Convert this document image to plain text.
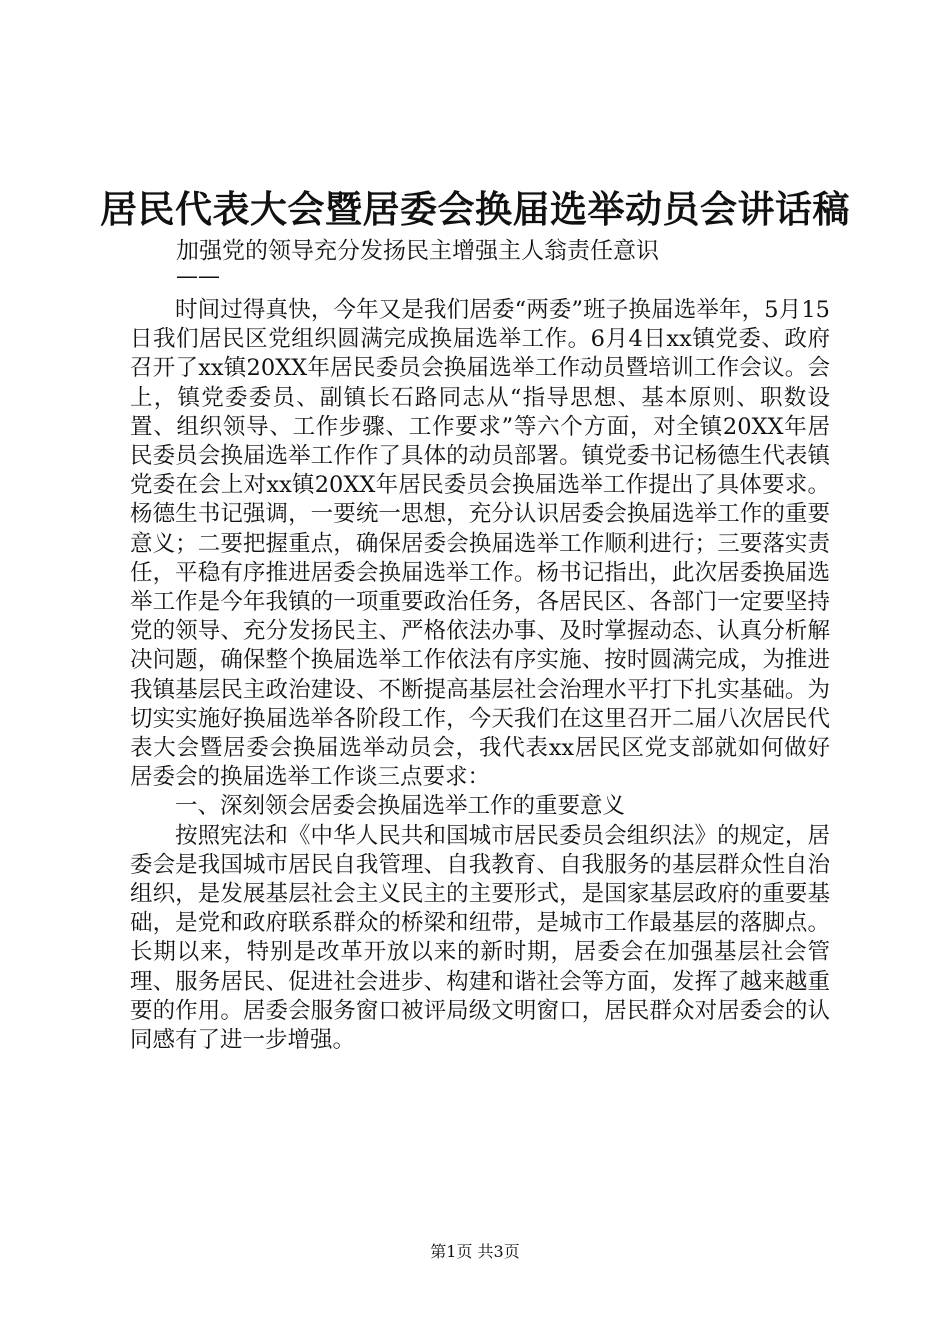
居民代表大会暨居委会换届选举动员会讲话稿

加强党的领导充分发扬民主增强主人翁责任意识

——

时间过得真快，今年又是我们居委“两委”班子换届选举年，5月15日我们居民区党组织圆满完成换届选举工作。6月4日xx镇党委、政府召开了xx镇20XX年居民委员会换届选举工作动员暨培训工作会议。会上，镇党委委员、副镇长石路同志从“指导思想、基本原则、职数设置、组织领导、工作步骤、工作要求”等六个方面，对全镇20XX年居民委员会换届选举工作作了具体的动员部署。镇党委书记杨德生代表镇党委在会上对xx镇20XX年居民委员会换届选举工作提出了具体要求。杨德生书记强调，一要统一思想，充分认识居委会换届选举工作的重要意义；二要把握重点，确保居委会换届选举工作顺利进行；三要落实责任，平稳有序推进居委会换届选举工作。杨书记指出，此次居委换届选举工作是今年我镇的一项重要政治任务，各居民区、各部门一定要坚持党的领导、充分发扬民主、严格依法办事、及时掌握动态、认真分析解决问题，确保整个换届选举工作依法有序实施、按时圆满完成，为推进我镇基层民主政治建设、不断提高基层社会治理水平打下扎实基础。为切实实施好换届选举各阶段工作，今天我们在这里召开二届八次居民代表大会暨居委会换届选举动员会，我代表xx居民区党支部就如何做好居委会的换届选举工作谈三点要求：

一、深刻领会居委会换届选举工作的重要意义

按照宪法和《中华人民共和国城市居民委员会组织法》的规定，居委会是我国城市居民自我管理、自我教育、自我服务的基层群众性自治组织，是发展基层社会主义民主的主要形式，是国家基层政府的重要基础，是党和政府联系群众的桥梁和纽带，是城市工作最基层的落脚点。长期以来，特别是改革开放以来的新时期，居委会在加强基层社会管理、服务居民、促进社会进步、构建和谐社会等方面，发挥了越来越重要的作用。居委会服务窗口被评局级文明窗口，居民群众对居委会的认同感有了进一步增强。

第1页 共3页
